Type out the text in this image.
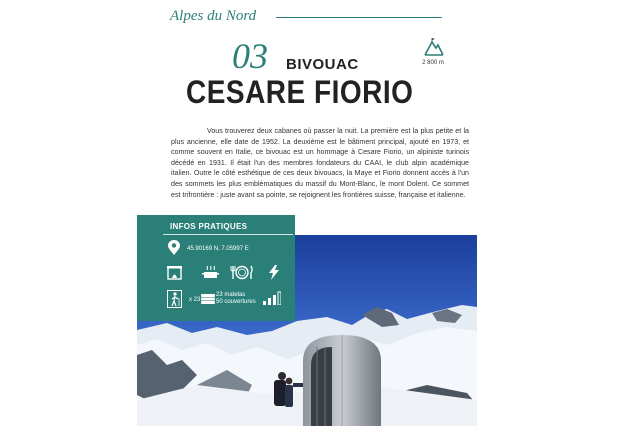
Alpes du Nord
2 800 m
03 BIVOUAC
CESARE FIORIO

Vous trouverez deux cabanes où passer la nuit. La première est la plus petite et la plus ancienne, elle date de 1952. La deuxième est le bâtiment principal, ajouté en 1973, et comme souvent en Italie, ce bivouac est un hommage à Cesare Fiorio, un alpiniste turinois décédé en 1931. Il était l'un des membres fondateurs du CAAI, le club alpin académique italien. Outre le côté esthétique de ces deux bivouacs, la Maye et Fiorio donnent accès à l'un des sommets les plus emblématiques du massif du Mont-Blanc, le mont Dolent. Ce sommet est trifrontière : juste avant sa pointe, se rejoignent les frontières suisse, française et italienne.

INFOS PRATIQUES
45.90169 N, 7.05997 E
x 23
23 matelas
50 couvertures
